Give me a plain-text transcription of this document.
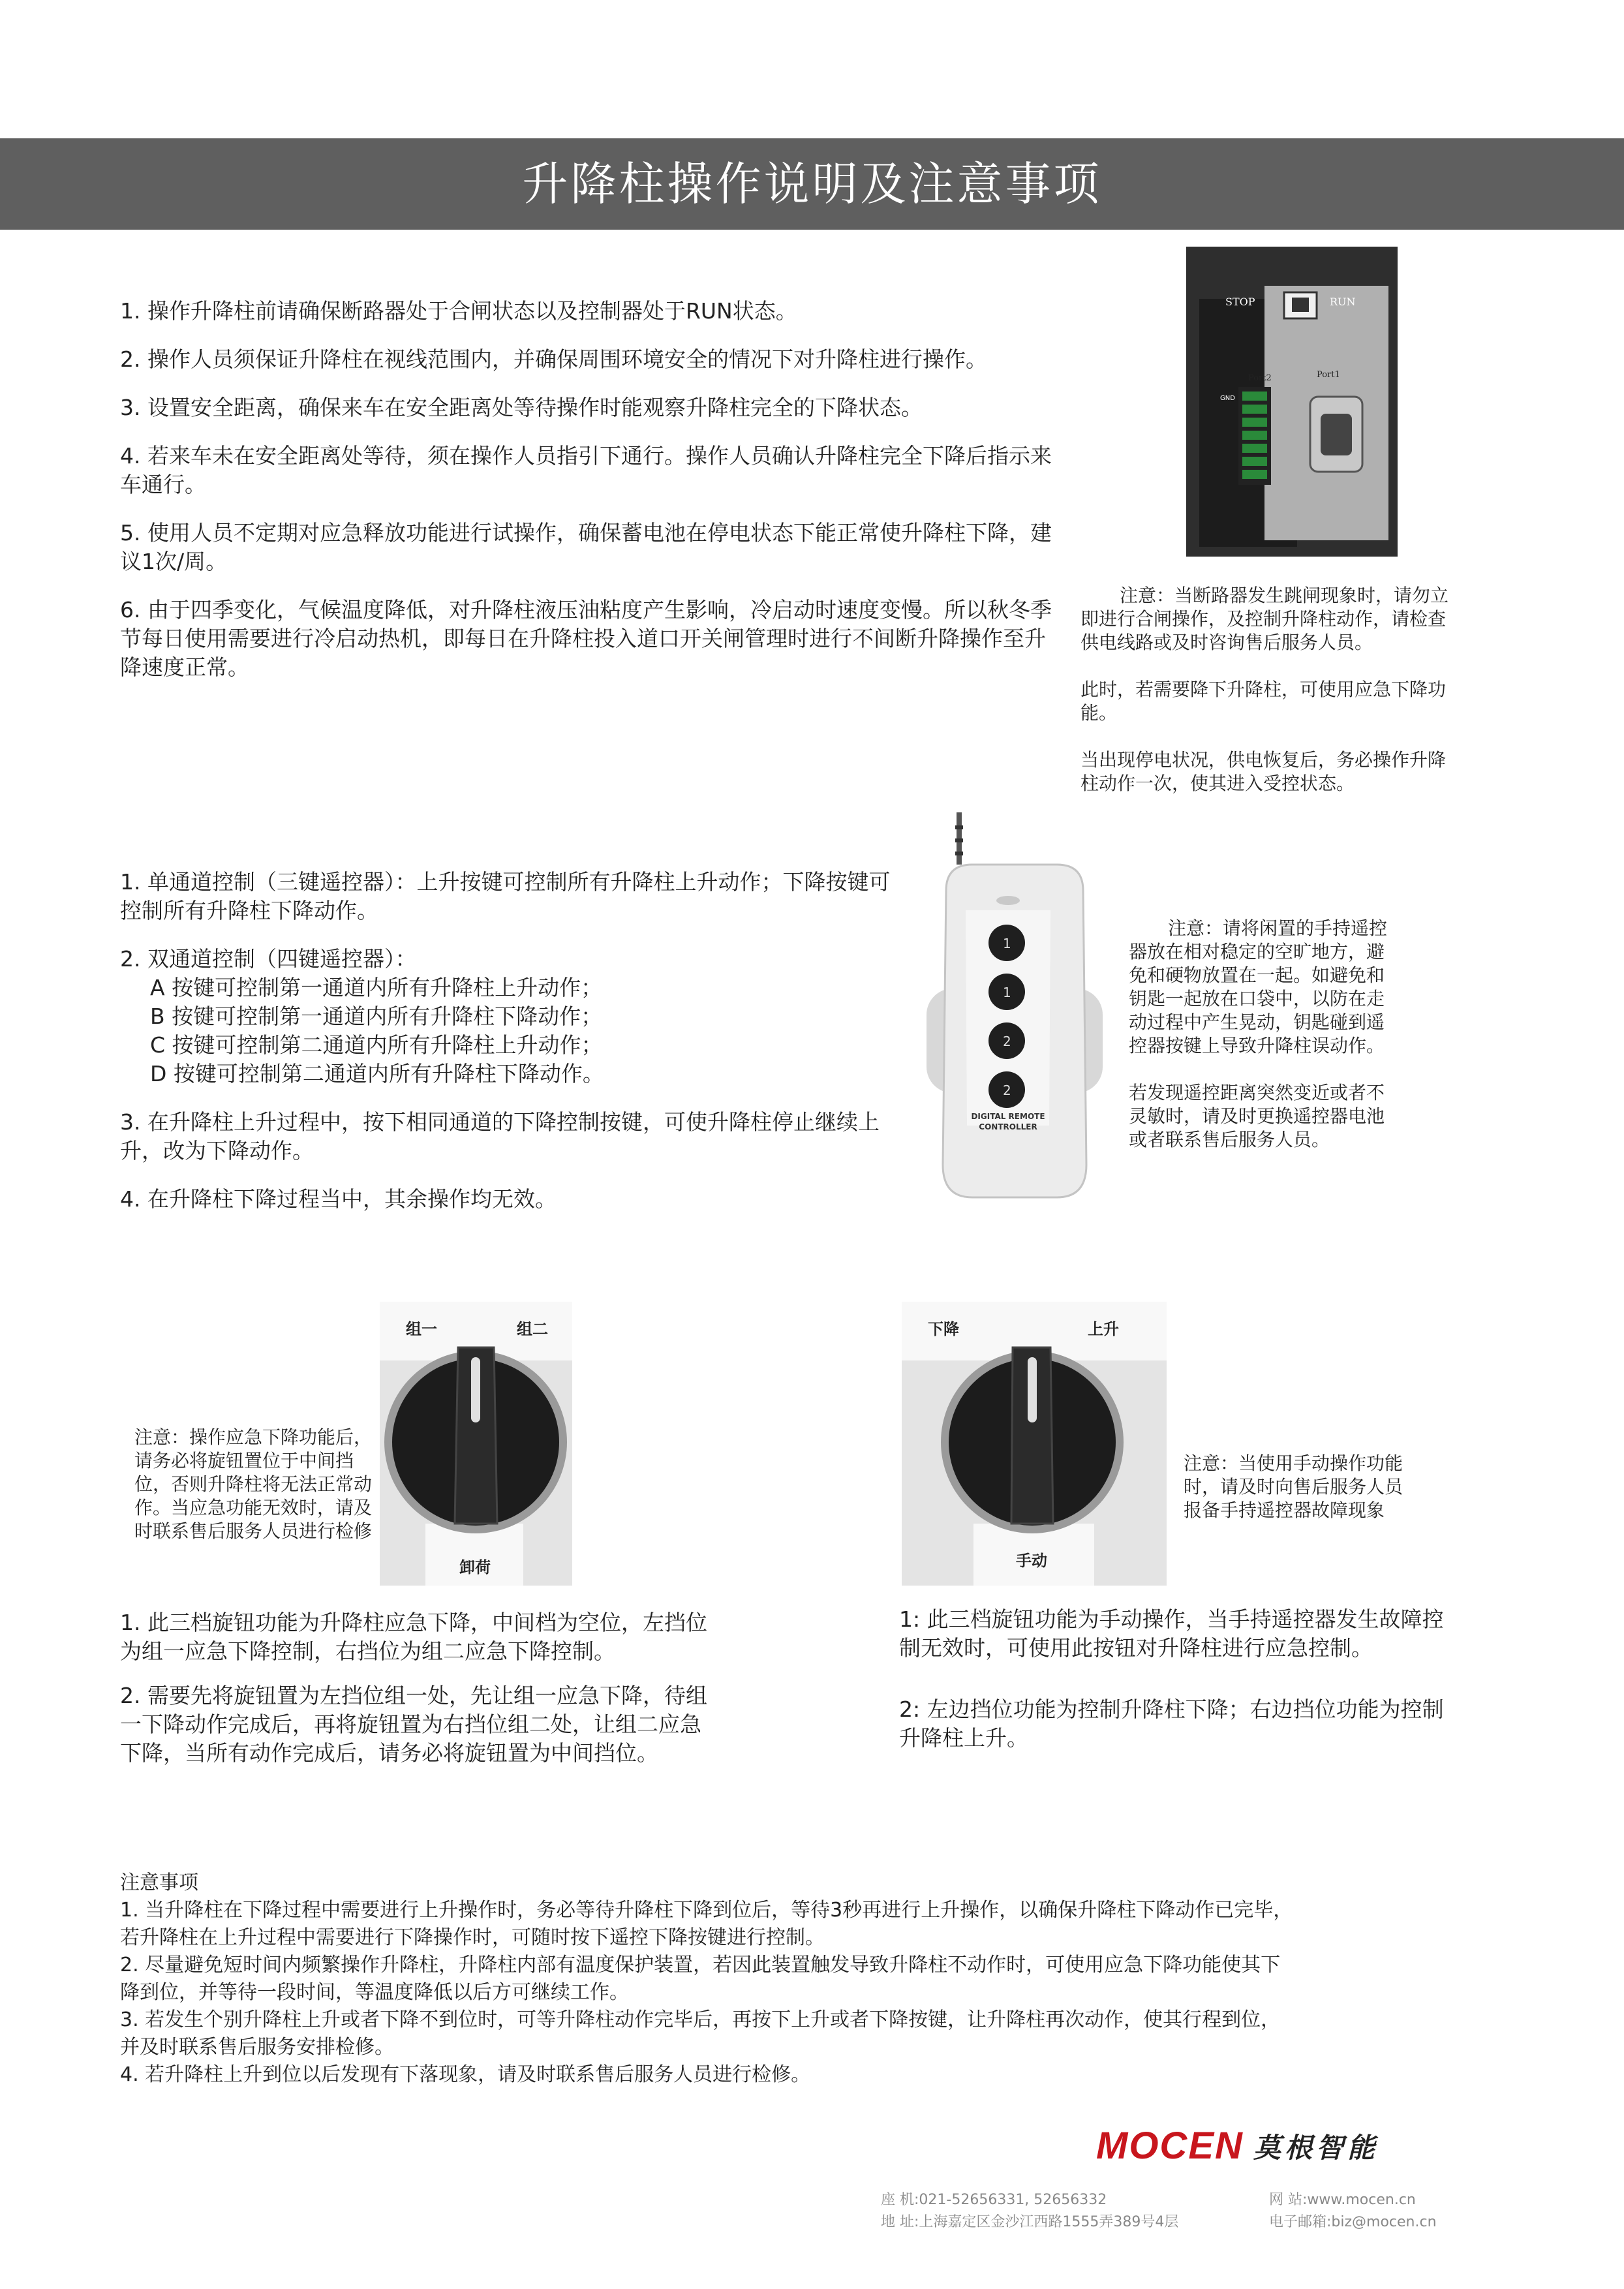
升降柱操作说明及注意事项

1. 操作升降柱前请确保断路器处于合闸状态以及控制器处于RUN状态。

2. 操作人员须保证升降柱在视线范围内，并确保周围环境安全的情况下对升降柱进行操作。

3. 设置安全距离，确保来车在安全距离处等待操作时能观察升降柱完全的下降状态。

4. 若来车未在安全距离处等待，须在操作人员指引下通行。操作人员确认升降柱完全下降后指示来车通行。

5. 使用人员不定期对应急释放功能进行试操作，确保蓄电池在停电状态下能正常使升降柱下降，建议1次/周。

6. 由于四季变化，气候温度降低，对升降柱液压油粘度产生影响，冷启动时速度变慢。所以秋冬季节每日使用需要进行冷启动热机，即每日在升降柱投入道口开关闸管理时进行不间断升降操作至升降速度正常。

STOP	RUN
Port2	Port1
GND

注意：当断路器发生跳闸现象时，请勿立即进行合闸操作，及控制升降柱动作，请检查供电线路或及时咨询售后服务人员。

此时，若需要降下升降柱，可使用应急下降功能。

当出现停电状况，供电恢复后，务必操作升降柱动作一次，使其进入受控状态。

1. 单通道控制（三键遥控器）：上升按键可控制所有升降柱上升动作；下降按键可控制所有升降柱下降动作。

2. 双通道控制（四键遥控器）：

A 按键可控制第一通道内所有升降柱上升动作；

B 按键可控制第一通道内所有升降柱下降动作；

C 按键可控制第二通道内所有升降柱上升动作；

D 按键可控制第二通道内所有升降柱下降动作。

3. 在升降柱上升过程中，按下相同通道的下降控制按键，可使升降柱停止继续上升，改为下降动作。

4. 在升降柱下降过程当中，其余操作均无效。

1
1
2
2
DIGITAL REMOTE
CONTROLLER

注意：请将闲置的手持遥控器放在相对稳定的空旷地方，避免和硬物放置在一起。如避免和钥匙一起放在口袋中，以防在走动过程中产生晃动，钥匙碰到遥控器按键上导致升降柱误动作。

若发现遥控距离突然变近或者不灵敏时，请及时更换遥控器电池或者联系售后服务人员。

组一	组二
卸荷

注意：操作应急下降功能后，请务必将旋钮置位于中间挡位，否则升降柱将无法正常动作。当应急功能无效时，请及时联系售后服务人员进行检修

1. 此三档旋钮功能为升降柱应急下降，中间档为空位，左挡位为组一应急下降控制，右挡位为组二应急下降控制。

2. 需要先将旋钮置为左挡位组一处，先让组一应急下降，待组一下降动作完成后，再将旋钮置为右挡位组二处，让组二应急下降，当所有动作完成后，请务必将旋钮置为中间挡位。

下降	上升
手动

注意：当使用手动操作功能时，请及时向售后服务人员报备手持遥控器故障现象

1: 此三档旋钮功能为手动操作，当手持遥控器发生故障控制无效时，可使用此按钮对升降柱进行应急控制。

2: 左边挡位功能为控制升降柱下降；右边挡位功能为控制升降柱上升。

注意事项

1. 当升降柱在下降过程中需要进行上升操作时，务必等待升降柱下降到位后，等待3秒再进行上升操作，以确保升降柱下降动作已完毕，若升降柱在上升过程中需要进行下降操作时，可随时按下遥控下降按键进行控制。

2. 尽量避免短时间内频繁操作升降柱，升降柱内部有温度保护装置，若因此装置触发导致升降柱不动作时，可使用应急下降功能使其下降到位，并等待一段时间，等温度降低以后方可继续工作。

3. 若发生个别升降柱上升或者下降不到位时，可等升降柱动作完毕后，再按下上升或者下降按键，让升降柱再次动作，使其行程到位，并及时联系售后服务安排检修。

4. 若升降柱上升到位以后发现有下落现象，请及时联系售后服务人员进行检修。

MOCEN 莫根智能
座 机:021-52656331, 52656332
地 址:上海嘉定区金沙江西路1555弄389号4层
网 站:www.mocen.cn
电子邮箱:biz@mocen.cn
